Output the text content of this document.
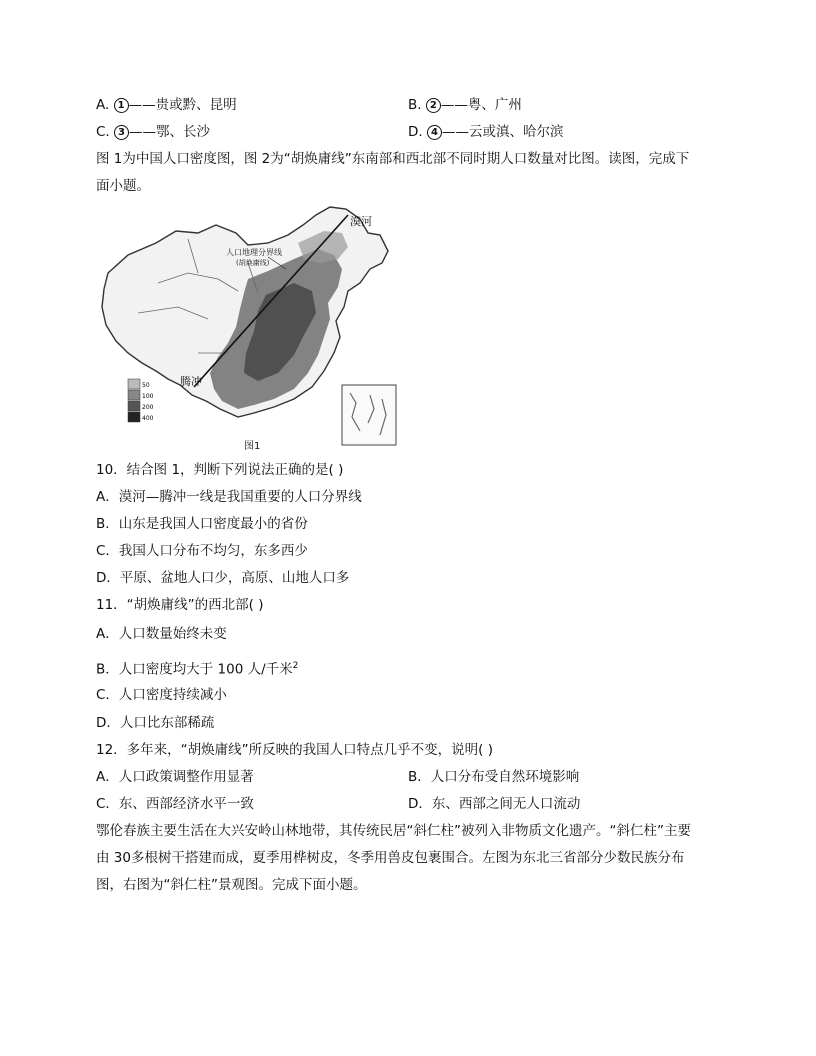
A. 1 ——贵或黔、昆明	B. 2 ——粤、广州
C. 3 ——鄂、长沙	D. 4 ——云或滇、哈尔滨
图 1为中国人口密度图，图 2为“胡焕庸线”东南部和西北部不同时期人口数量对比图。读图，完成下
面小题。
漠河
腾冲
人口地理分界线
(胡焕庸线)
50
100
200
400
图1
10．结合图 1，判断下列说法正确的是( )
A．漠河—腾冲一线是我国重要的人口分界线
B．山东是我国人口密度最小的省份
C．我国人口分布不均匀，东多西少
D．平原、盆地人口少，高原、山地人口多
11．“胡焕庸线”的西北部( )
A．人口数量始终未变
B．人口密度均大于 100 人/千米$^2$
C．人口密度持续减小
D．人口比东部稀疏
12．多年来，“胡焕庸线”所反映的我国人口特点几乎不变，说明( )
A．人口政策调整作用显著	B．人口分布受自然环境影响
C．东、西部经济水平一致	D．东、西部之间无人口流动
鄂伦春族主要生活在大兴安岭山林地带，其传统民居“斜仁柱”被列入非物质文化遗产。“斜仁柱”主要
由 30多根树干搭建而成，夏季用桦树皮，冬季用兽皮包裹围合。左图为东北三省部分少数民族分布
图，右图为“斜仁柱”景观图。完成下面小题。
